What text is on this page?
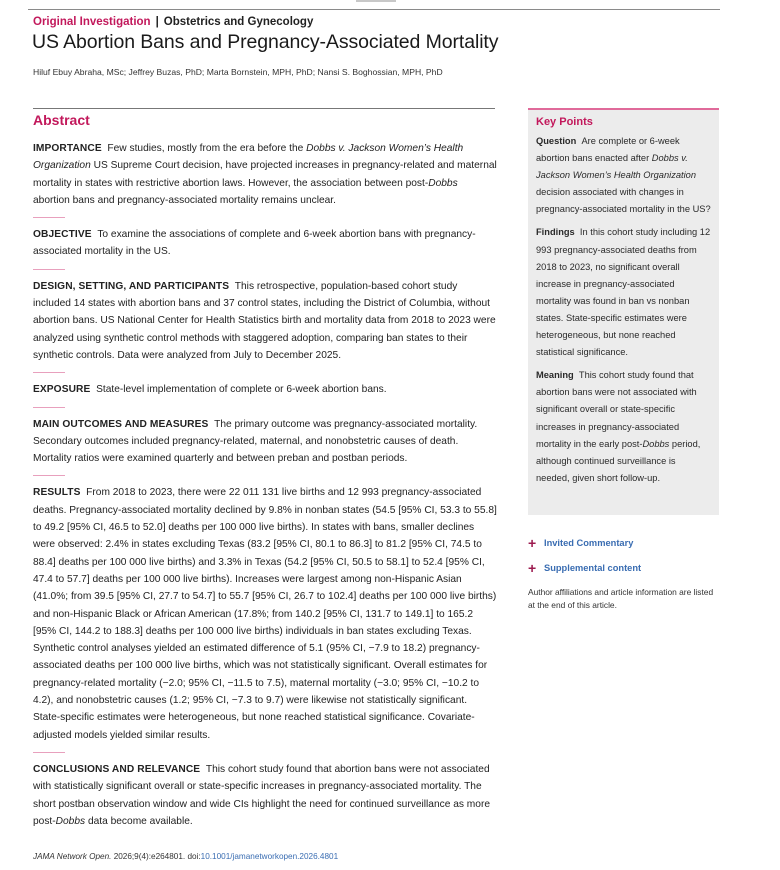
Original Investigation | Obstetrics and Gynecology
US Abortion Bans and Pregnancy-Associated Mortality
Hiluf Ebuy Abraha, MSc; Jeffrey Buzas, PhD; Marta Bornstein, MPH, PhD; Nansi S. Boghossian, MPH, PhD
Abstract

IMPORTANCE Few studies, mostly from the era before the Dobbs v. Jackson Women’s Health Organization US Supreme Court decision, have projected increases in pregnancy-related and maternal mortality in states with restrictive abortion laws. However, the association between post-Dobbs abortion bans and pregnancy-associated mortality remains unclear.

OBJECTIVE To examine the associations of complete and 6-week abortion bans with pregnancy-associated mortality in the US.

DESIGN, SETTING, AND PARTICIPANTS This retrospective, population-based cohort study included 14 states with abortion bans and 37 control states, including the District of Columbia, without abortion bans. US National Center for Health Statistics birth and mortality data from 2018 to 2023 were analyzed using synthetic control methods with staggered adoption, comparing ban states to their synthetic controls. Data were analyzed from July to December 2025.

EXPOSURE State-level implementation of complete or 6-week abortion bans.

MAIN OUTCOMES AND MEASURES The primary outcome was pregnancy-associated mortality. Secondary outcomes included pregnancy-related, maternal, and nonobstetric causes of death. Mortality ratios were examined quarterly and between preban and postban periods.

RESULTS From 2018 to 2023, there were 22 011 131 live births and 12 993 pregnancy-associated deaths. Pregnancy-associated mortality declined by 9.8% in nonban states (54.5 [95% CI, 53.3 to 55.8] to 49.2 [95% CI, 46.5 to 52.0] deaths per 100 000 live births). In states with bans, smaller declines were observed: 2.4% in states excluding Texas (83.2 [95% CI, 80.1 to 86.3] to 81.2 [95% CI, 74.5 to 88.4] deaths per 100 000 live births) and 3.3% in Texas (54.2 [95% CI, 50.5 to 58.1] to 52.4 [95% CI, 47.4 to 57.7] deaths per 100 000 live births). Increases were largest among non-Hispanic Asian (41.0%; from 39.5 [95% CI, 27.7 to 54.7] to 55.7 [95% CI, 26.7 to 102.4] deaths per 100 000 live births) and non-Hispanic Black or African American (17.8%; from 140.2 [95% CI, 131.7 to 149.1] to 165.2 [95% CI, 144.2 to 188.3] deaths per 100 000 live births) individuals in ban states excluding Texas. Synthetic control analyses yielded an estimated difference of 5.1 (95% CI, −7.9 to 18.2) pregnancy-associated deaths per 100 000 live births, which was not statistically significant. Overall estimates for pregnancy-related mortality (−2.0; 95% CI, −11.5 to 7.5), maternal mortality (−3.0; 95% CI, −10.2 to 4.2), and nonobstetric causes (1.2; 95% CI, −7.3 to 9.7) were likewise not statistically significant. State-specific estimates were heterogeneous, but none reached statistical significance. Covariate-adjusted models yielded similar results.

CONCLUSIONS AND RELEVANCE This cohort study found that abortion bans were not associated with statistically significant overall or state-specific increases in pregnancy-associated mortality. The short postban observation window and wide CIs highlight the need for continued surveillance as more post-Dobbs data become available.

JAMA Network Open. 2026;9(4):e264801. doi:10.1001/jamanetworkopen.2026.4801
Key Points

Question Are complete or 6-week abortion bans enacted after Dobbs v. Jackson Women’s Health Organization decision associated with changes in pregnancy-associated mortality in the US?

Findings In this cohort study including 12 993 pregnancy-associated deaths from 2018 to 2023, no significant overall increase in pregnancy-associated mortality was found in ban vs nonban states. State-specific estimates were heterogeneous, but none reached statistical significance.

Meaning This cohort study found that abortion bans were not associated with significant overall or state-specific increases in pregnancy-associated mortality in the early post-Dobbs period, although continued surveillance is needed, given short follow-up.

+ Invited Commentary
+ Supplemental content
Author affiliations and article information are listed at the end of this article.
